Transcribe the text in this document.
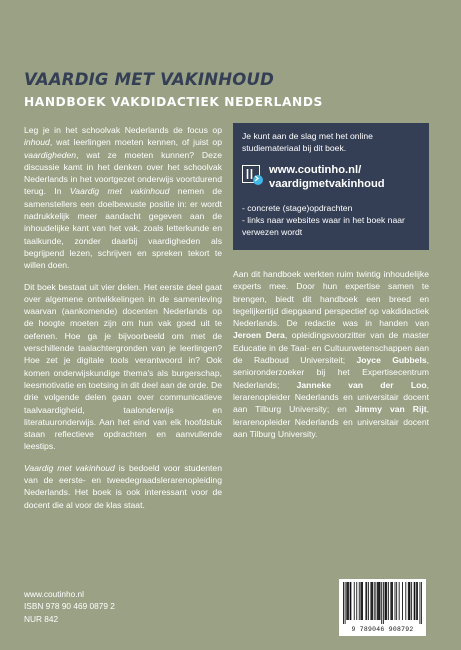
VAARDIG MET VAKINHOUD
HANDBOEK VAKDIDACTIEK NEDERLANDS

Leg je in het schoolvak Nederlands de focus op inhoud, wat leerlingen moeten kennen, of juist op vaardigheden, wat ze moeten kunnen? Deze discussie kamt in het denken over het schoolvak Nederlands in het voortgezet onderwijs voortdurend terug. In Vaardig met vakinhoud nemen de samenstellers een doelbewuste positie in: er wordt nadrukkelijk meer aandacht gegeven aan de inhoudelijke kant van het vak, zoals letterkunde en taalkunde, zonder daarbij vaardigheden als begrijpend lezen, schrijven en spreken tekort te willen doen.

Dit boek bestaat uit vier delen. Het eerste deel gaat over algemene ontwikkelingen in de samenleving waarvan (aankomende) docenten Nederlands op de hoogte moeten zijn om hun vak goed uit te oefenen. Hoe ga je bijvoorbeeld om met de verschillende taalachtergronden van je leerlingen? Hoe zet je digitale tools verantwoord in? Ook komen onderwijskundige thema's als burgerschap, leesmotivatie en toetsing in dit deel aan de orde. De drie volgende delen gaan over communicatieve taalvaardigheid, taalonderwijs en literatuuronderwijs. Aan het eind van elk hoofdstuk staan reflectieve opdrachten en aanvullende leestips.

Vaardig met vakinhoud is bedoeld voor studenten van de eerste- en tweedegraadslerarenopleiding Nederlands. Het boek is ook interessant voor de docent die al voor de klas staat.

Je kunt aan de slag met het online studiemateriaal bij dit boek.

www.coutinho.nl/
vaardigmetvakinhoud
- concrete (stage)opdrachten
- links naar websites waar in het boek naar verwezen wordt

Aan dit handboek werkten ruim twintig inhoudelijke experts mee. Door hun expertise samen te brengen, biedt dit handboek een breed en tegelijkertijd diepgaand perspectief op vakdidactiek Nederlands. De redactie was in handen van Jeroen Dera, opleidingsvoorzitter van de master Educatie in de Taal- en Cultuurwetenschappen aan de Radboud Universiteit; Joyce Gubbels, senioronderzoeker bij het Expertisecentrum Nederlands; Janneke van der Loo, lerarenopleider Nederlands en universitair docent aan Tilburg University; en Jimmy van Rijt, lerarenopleider Nederlands en universitair docent aan Tilburg University.

www.coutinho.nl
ISBN 978 90 469 0879 2
NUR 842
9 789046 908792
